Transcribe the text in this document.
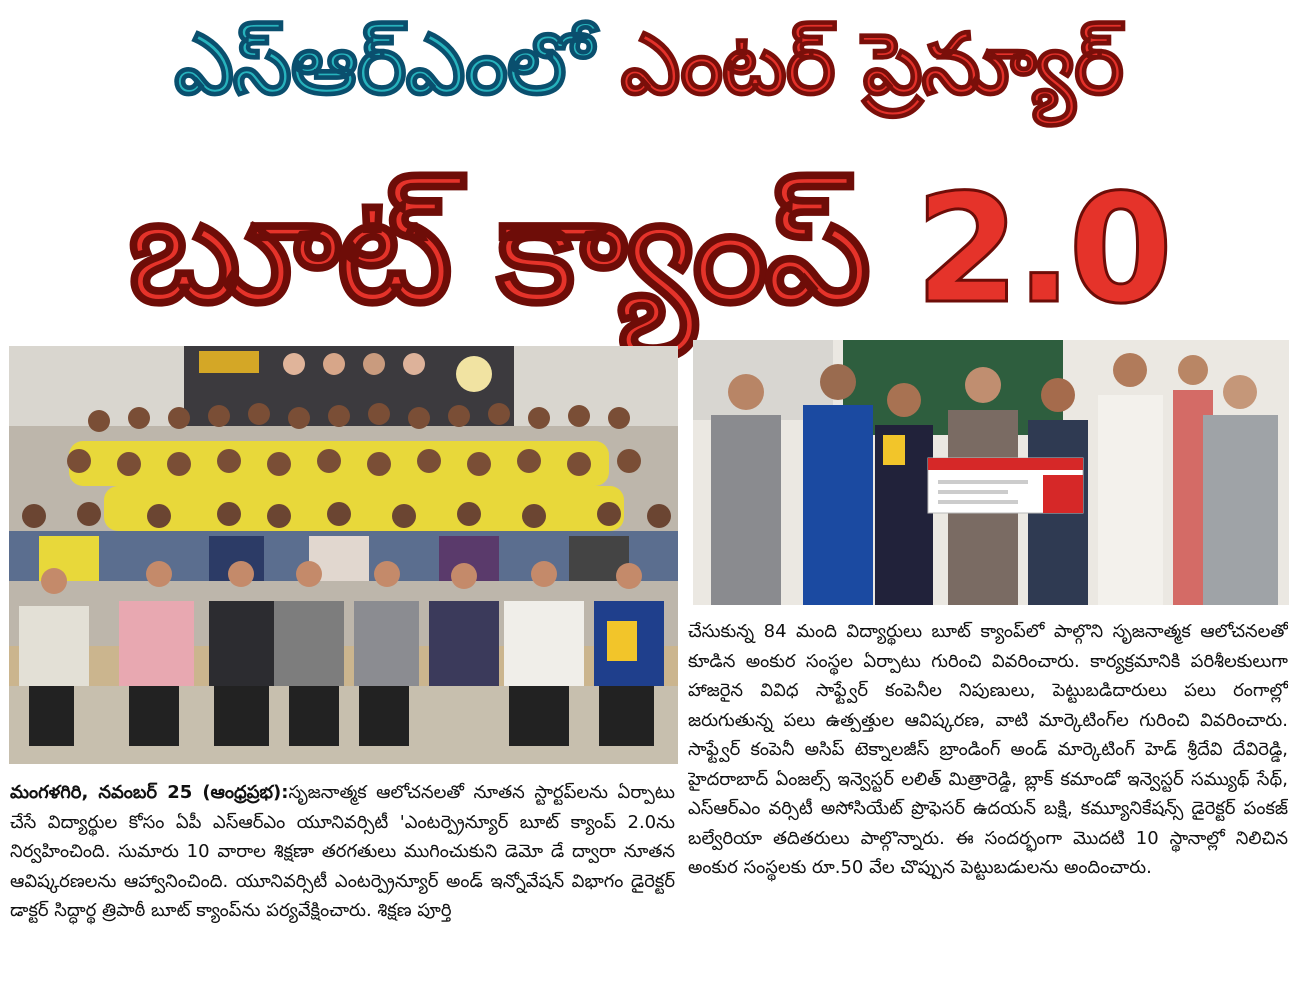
ఎస్ఆర్ఎంలో ఎంటర్ ప్రెన్యూర్
బూట్ క్యాంప్ 2.0

మంగళగిరి, నవంబర్ 25 (ఆంధ్రప్రభ):సృజనాత్మక ఆలోచనలతో నూతన స్టార్టప్‌లను ఏర్పాటు చేసే విద్యార్థుల కోసం ఏపీ ఎస్ఆర్ఎం యూనివర్సిటీ 'ఎంటర్ప్రెన్యూర్ బూట్ క్యాంప్ 2.0ను నిర్వహించింది. సుమారు 10 వారాల శిక్షణా తరగతులు ముగించుకుని డెమో డే ద్వారా నూతన ఆవిష్కరణలను ఆహ్వానించింది. యూనివర్సిటీ ఎంటర్ప్రెన్యూర్ అండ్ ఇన్నోవేషన్ విభాగం డైరెక్టర్ డాక్టర్ సిద్ధార్థ త్రిపాఠీ బూట్ క్యాంప్‌ను పర్యవేక్షించారు. శిక్షణ పూర్తి

చేసుకున్న 84 మంది విద్యార్థులు బూట్ క్యాంప్‌లో పాల్గొని సృజనాత్మక ఆలోచనలతో కూడిన అంకుర సంస్థల ఏర్పాటు గురించి వివరించారు. కార్యక్రమానికి పరిశీలకులుగా హాజరైన వివిధ సాఫ్ట్వేర్ కంపెనీల నిపుణులు, పెట్టుబడిదారులు పలు రంగాల్లో జరుగుతున్న పలు ఉత్పత్తుల ఆవిష్కరణ, వాటి మార్కెటింగ్‌ల గురించి వివరించారు. సాఫ్ట్వేర్ కంపెనీ అసిప్ టెక్నాలజీస్ బ్రాండింగ్ అండ్ మార్కెటింగ్ హెడ్ శ్రీదేవి దేవిరెడ్డి, హైదరాబాద్ ఏంజల్స్ ఇన్వెస్టర్ లలిత్ మిత్రారెడ్డి, బ్లాక్ కమాండో ఇన్వెస్టర్ సమ్యుథ్ సేథ్, ఎస్ఆర్ఎం వర్సిటీ అసోసియేట్ ప్రొఫెసర్ ఉదయన్ బక్షి, కమ్యూనికేషన్స్ డైరెక్టర్ పంకజ్ బల్వేరియా తదితరులు పాల్గొన్నారు. ఈ సందర్భంగా మొదటి 10 స్థానాల్లో నిలిచిన అంకుర సంస్థలకు రూ.50 వేల చొప్పున పెట్టుబడులను అందించారు.
